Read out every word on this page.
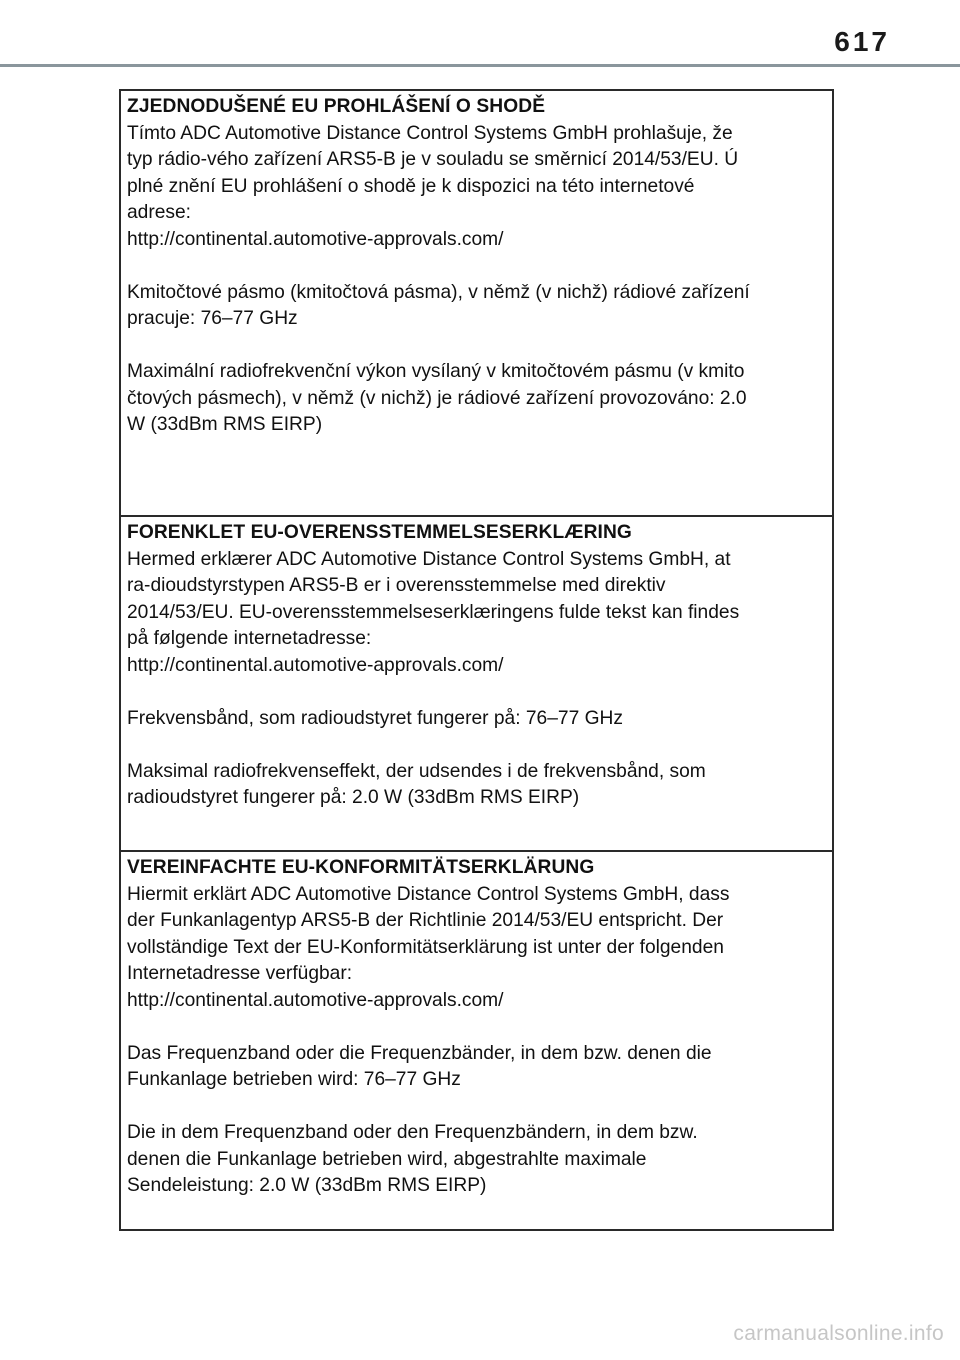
617
ZJEDNODUŠENÉ EU PROHLÁŠENÍ O SHODĚ
Tímto ADC Automotive Distance Control Systems GmbH prohlašuje, že
typ rádio-vého zařízení ARS5-B je v souladu se směrnicí 2014/53/EU. Ú
plné znění EU prohlášení o shodě je k dispozici na této internetové
adrese:
http://continental.automotive-approvals.com/
Kmitočtové pásmo (kmitočtová pásma), v němž (v nichž) rádiové zařízení
pracuje: 76–77 GHz
Maximální radiofrekvenční výkon vysílaný v kmitočtovém pásmu (v kmito
čtových pásmech), v němž (v nichž) je rádiové zařízení provozováno: 2.0
W (33dBm RMS EIRP)
FORENKLET EU-OVERENSSTEMMELSESERKLÆRING
Hermed erklærer ADC Automotive Distance Control Systems GmbH, at
ra-dioudstyrstypen ARS5-B er i overensstemmelse med direktiv
2014/53/EU. EU-overensstemmelseserklæringens fulde tekst kan findes
på følgende internetadresse:
http://continental.automotive-approvals.com/
Frekvensbånd, som radioudstyret fungerer på: 76–77 GHz
Maksimal radiofrekvenseffekt, der udsendes i de frekvensbånd, som
radioudstyret fungerer på: 2.0 W (33dBm RMS EIRP)
VEREINFACHTE EU-KONFORMITÄTSERKLÄRUNG
Hiermit erklärt ADC Automotive Distance Control Systems GmbH, dass
der Funkanlagentyp ARS5-B der Richtlinie 2014/53/EU entspricht. Der
vollständige Text der EU-Konformitätserklärung ist unter der folgenden
Internetadresse verfügbar:
http://continental.automotive-approvals.com/
Das Frequenzband oder die Frequenzbänder, in dem bzw. denen die
Funkanlage betrieben wird: 76–77 GHz
Die in dem Frequenzband oder den Frequenzbändern, in dem bzw.
denen die Funkanlage betrieben wird, abgestrahlte maximale
Sendeleistung: 2.0 W (33dBm RMS EIRP)
carmanualsonline.info
